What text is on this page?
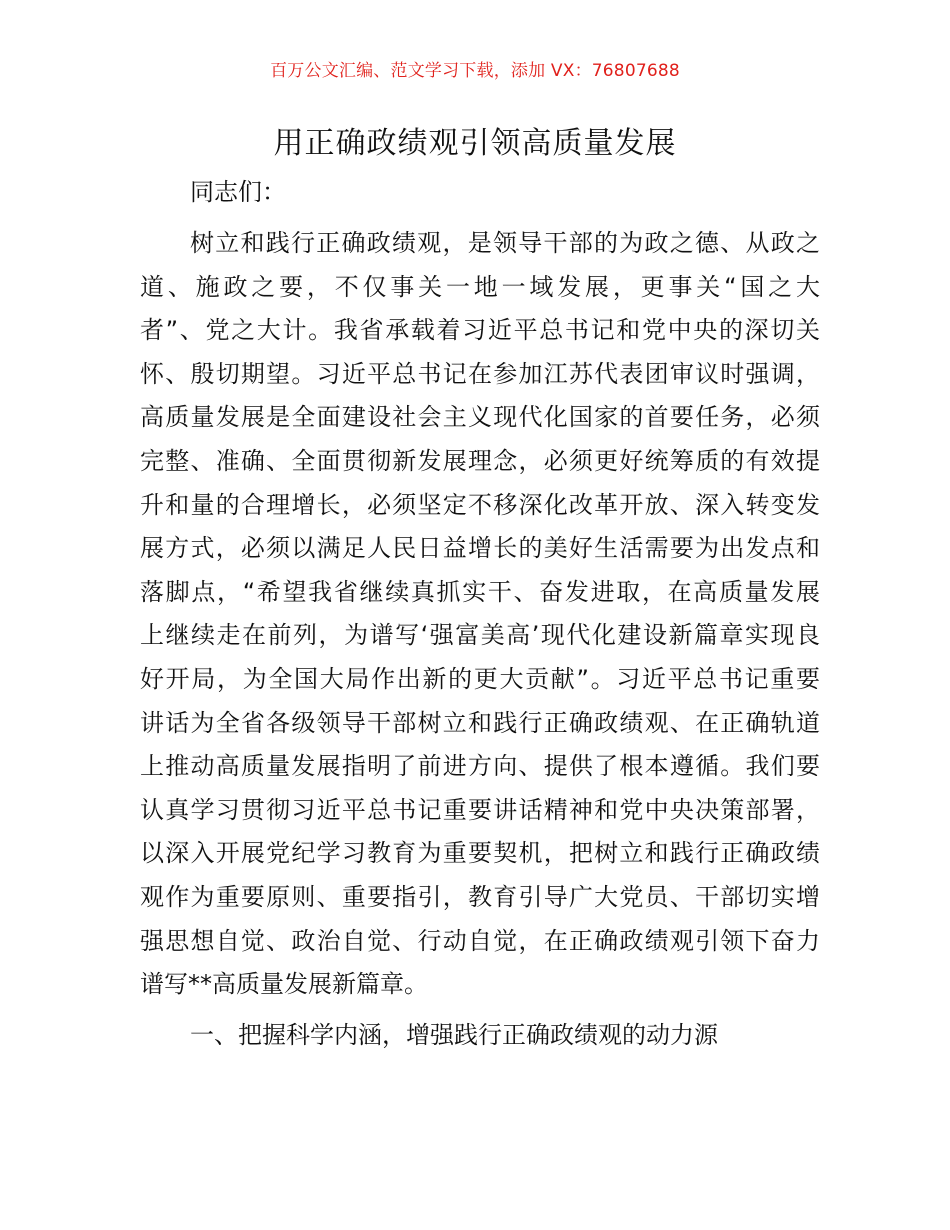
百万公文汇编、范文学习下载，添加 VX：76807688
用正确政绩观引领高质量发展
同志们：
树立和践行正确政绩观，是领导干部的为政之德、从政之
道、施政之要，不仅事关一地一域发展，更事关“国之大
者”、党之大计。我省承载着习近平总书记和党中央的深切关
怀、殷切期望。习近平总书记在参加江苏代表团审议时强调，
高质量发展是全面建设社会主义现代化国家的首要任务，必须
完整、准确、全面贯彻新发展理念，必须更好统筹质的有效提
升和量的合理增长，必须坚定不移深化改革开放、深入转变发
展方式，必须以满足人民日益增长的美好生活需要为出发点和
落脚点，“希望我省继续真抓实干、奋发进取，在高质量发展
上继续走在前列，为谱写‘强富美高’现代化建设新篇章实现良
好开局，为全国大局作出新的更大贡献”。习近平总书记重要
讲话为全省各级领导干部树立和践行正确政绩观、在正确轨道
上推动高质量发展指明了前进方向、提供了根本遵循。我们要
认真学习贯彻习近平总书记重要讲话精神和党中央决策部署，
以深入开展党纪学习教育为重要契机，把树立和践行正确政绩
观作为重要原则、重要指引，教育引导广大党员、干部切实增
强思想自觉、政治自觉、行动自觉，在正确政绩观引领下奋力
谱写**高质量发展新篇章。
一、把握科学内涵，增强践行正确政绩观的动力源
